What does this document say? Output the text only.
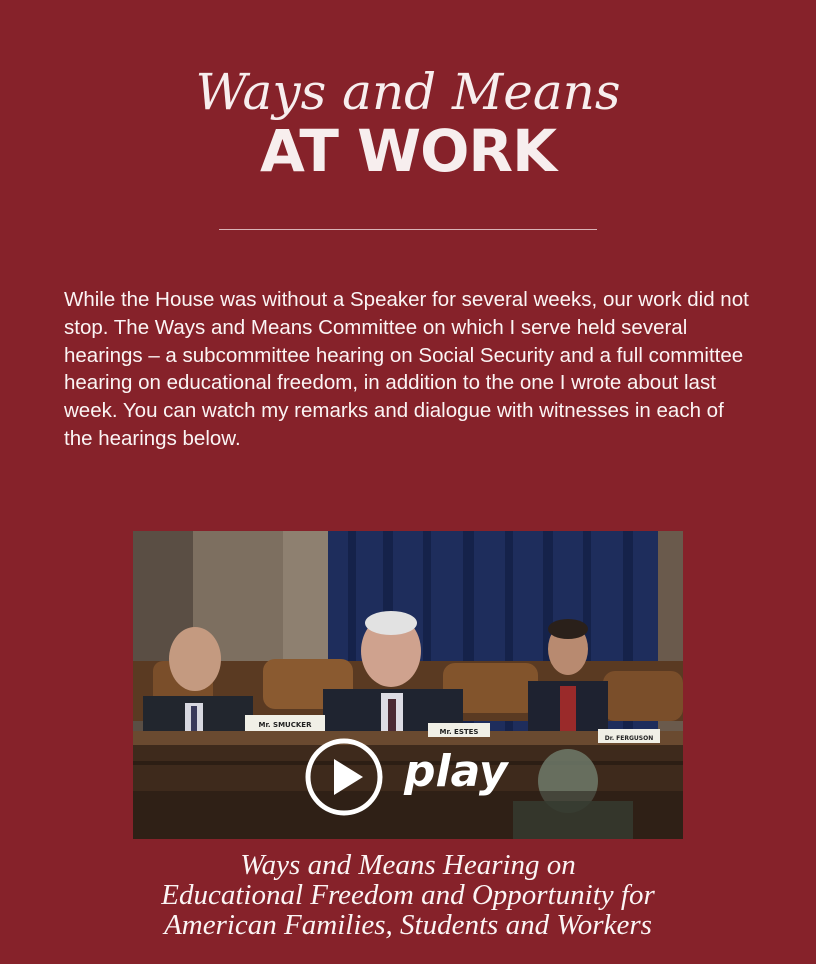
Ways and Means
AT WORK

While the House was without a Speaker for several weeks, our work did not stop. The Ways and Means Committee on which I serve held several hearings – a subcommittee hearing on Social Security and a full committee hearing on educational freedom, in addition to the one I wrote about last week. You can watch my remarks and dialogue with witnesses in each of the hearings below.

Mr. SMUCKER
Mr. ESTES
Dr. FERGUSON
play
Ways and Means Hearing on
Educational Freedom and Opportunity for
American Families, Students and Workers
